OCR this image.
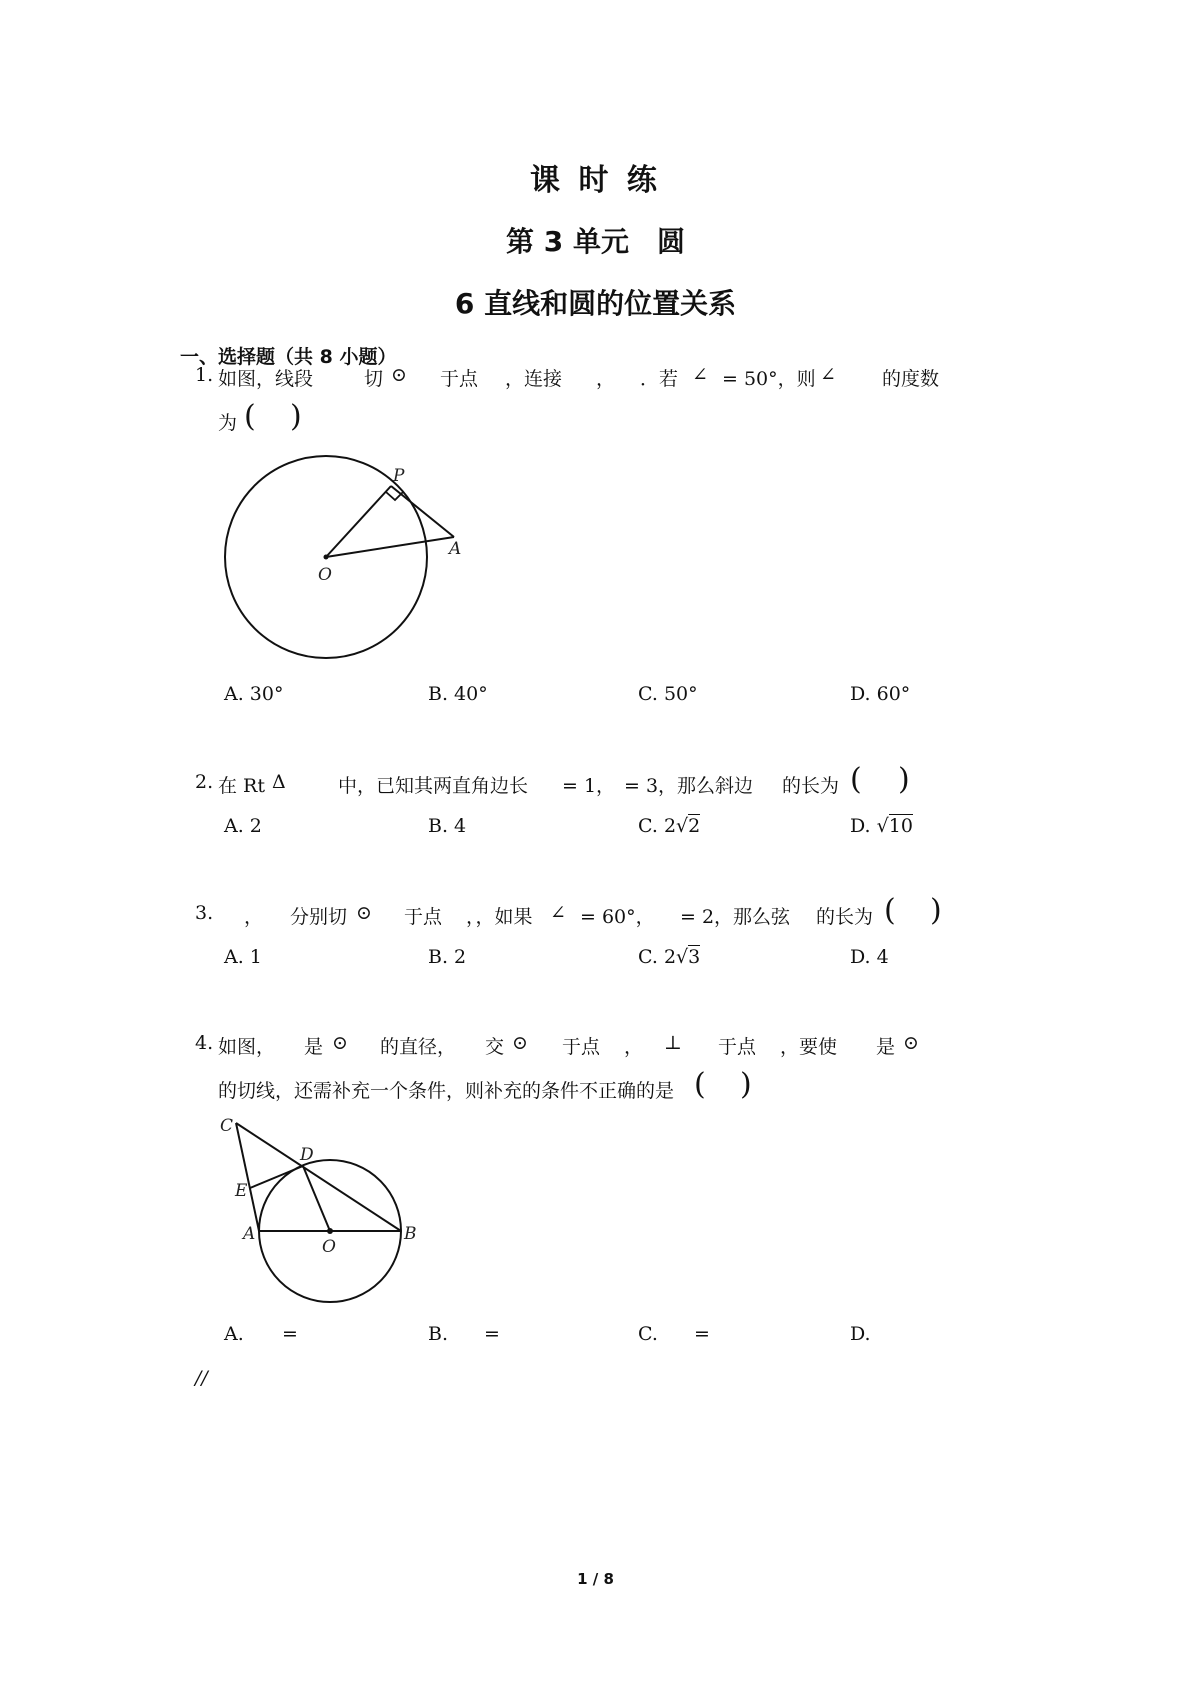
课 时 练
第 3 单元　圆
6 直线和圆的位置关系
一、选择题（共 8 小题）
1. 如图，线段	切 ⊙ 于点 ，连接 ， ．若 ∠ = 50°，则 ∠ 的度数
为 ( )
P
A
O
A. 30°	B. 40°	C. 50°	D. 60°
2. 在 Rt Δ	中，已知其两直角边长 = 1， = 3，那么斜边 的长为 ( )
A. 2	B. 4	C. 2√2	D. √10
3. ， 分别切 ⊙ 于点 ，，如果 ∠ = 60°， = 2，那么弦 的长为 ( )
A. 1	B. 2	C. 2√3	D. 4
4. 如图， 是 ⊙ 的直径， 交 ⊙ 于点 ， ⊥ 于点 ，要使 是 ⊙
的切线，还需补充一个条件，则补充的条件不正确的是 ( )
C
D
E
A
O
B
A. =	B. =	C. =	D.
//
1 / 8
